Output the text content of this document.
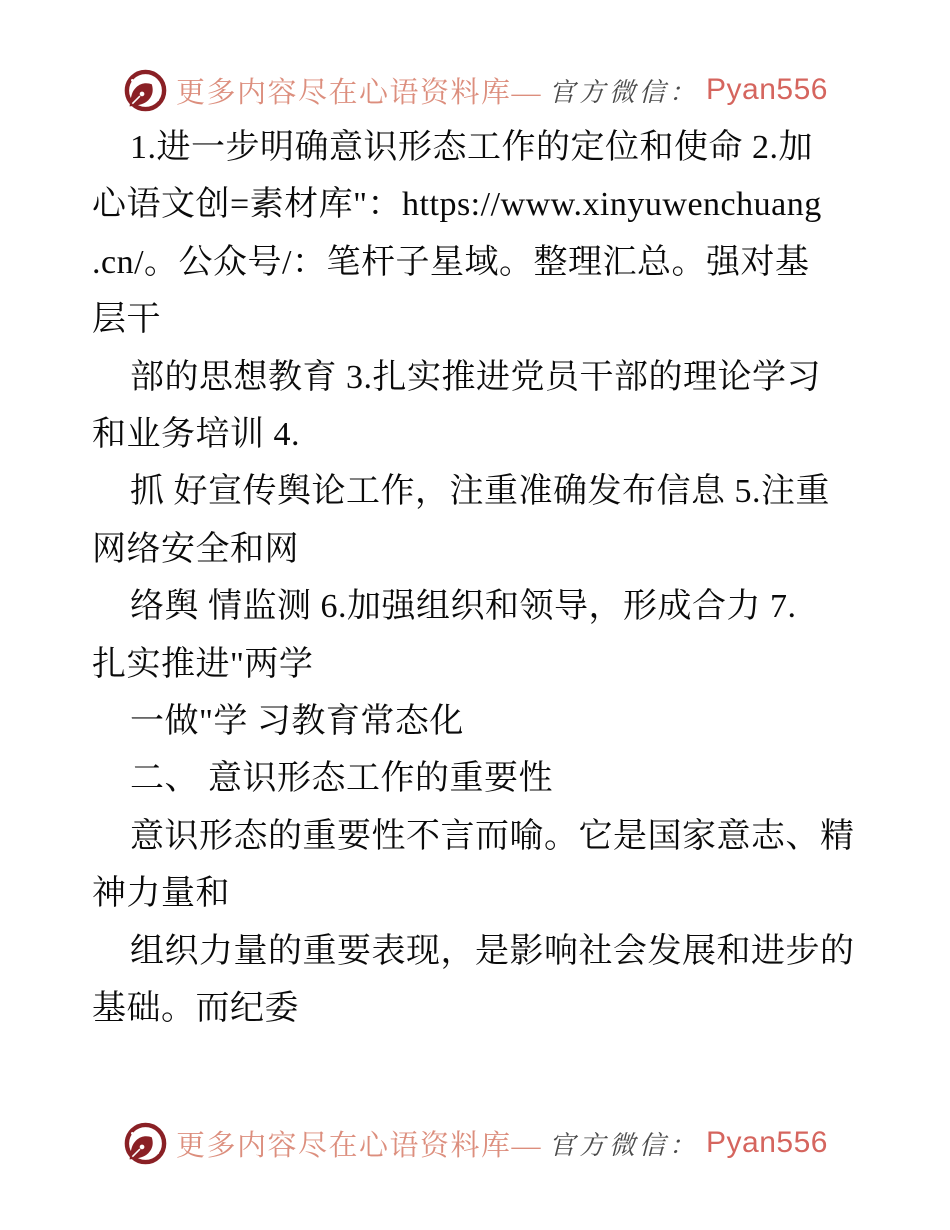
更多内容尽在心语资料库— 官方微信： Pyan556
1.进一步明确意识形态工作的定位和使命 2.加
心语文创=素材库"：https://www.xinyuwenchuang
.cn/。公众号/：笔杆子星域。整理汇总。强对基
层干
部的思想教育 3.扎实推进党员干部的理论学习
和业务培训 4.
抓 好宣传舆论工作，注重准确发布信息 5.注重
网络安全和网
络舆 情监测 6.加强组织和领导，形成合力 7.
扎实推进"两学
一做"学 习教育常态化
二、 意识形态工作的重要性
意识形态的重要性不言而喻。它是国家意志、精
神力量和
组织力量的重要表现，是影响社会发展和进步的
基础。而纪委
更多内容尽在心语资料库— 官方微信： Pyan556
